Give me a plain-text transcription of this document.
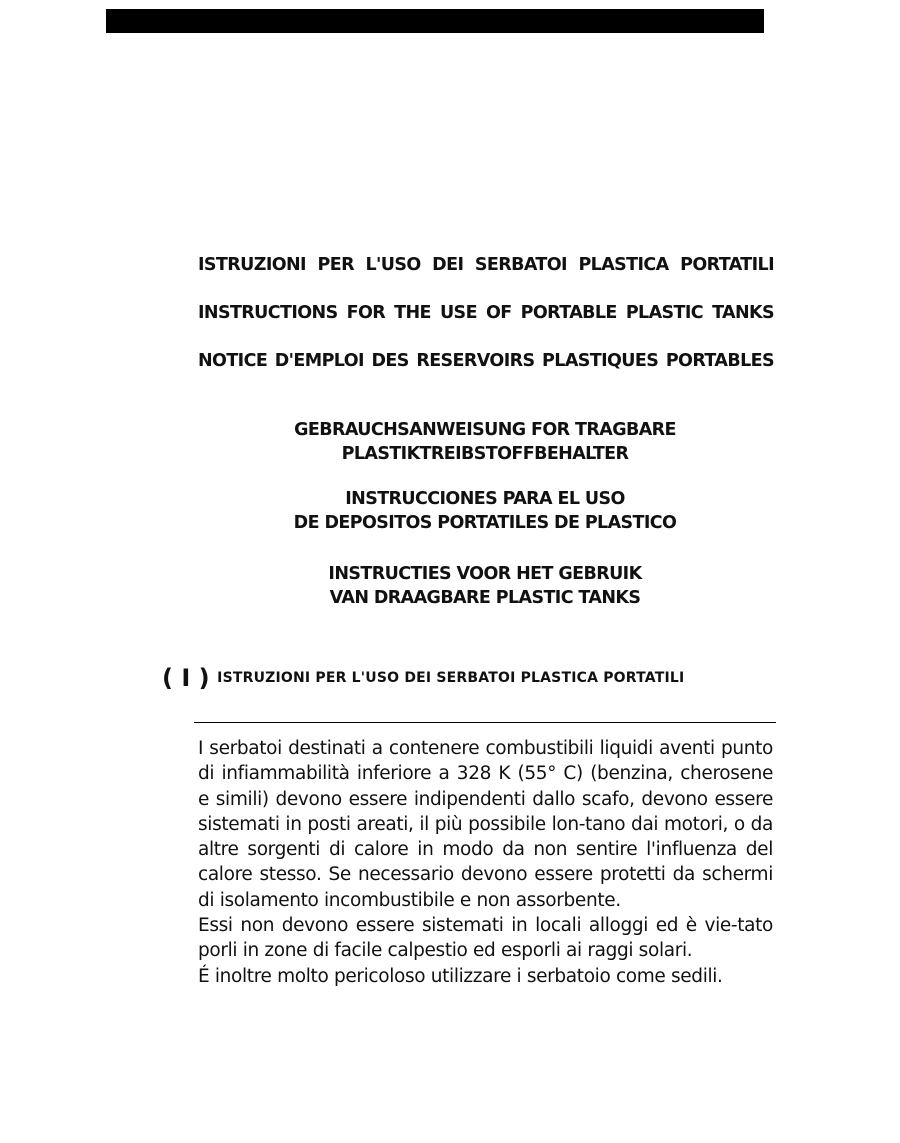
ISTRUZIONI PER L'USO DEI SERBATOI PLASTICA PORTATILI
INSTRUCTIONS FOR THE USE OF PORTABLE PLASTIC TANKS
NOTICE D'EMPLOI DES RESERVOIRS PLASTIQUES PORTABLES
GEBRAUCHSANWEISUNG FOR TRAGBARE
PLASTIKTREIBSTOFFBEHALTER
INSTRUCCIONES PARA EL USO
DE DEPOSITOS PORTATILES DE PLASTICO
INSTRUCTIES VOOR HET GEBRUIK
VAN DRAAGBARE PLASTIC TANKS
( I ) ISTRUZIONI PER L'USO DEI SERBATOI PLASTICA PORTATILI

I serbatoi destinati a contenere combustibili liquidi aventi punto di infiammabilità inferiore a 328 K (55° C) (benzina, cherosene e simili) devono essere indipendenti dallo scafo, devono essere sistemati in posti areati, il più possibile lon-tano dai motori, o da altre sorgenti di calore in modo da non sentire l'influenza del calore stesso. Se necessario devono essere protetti da schermi di isolamento incombustibile e non assorbente.

Essi non devono essere sistemati in locali alloggi ed è vie-tato porli in zone di facile calpestio ed esporli ai raggi solari.

É inoltre molto pericoloso utilizzare i serbatoio come sedili.
